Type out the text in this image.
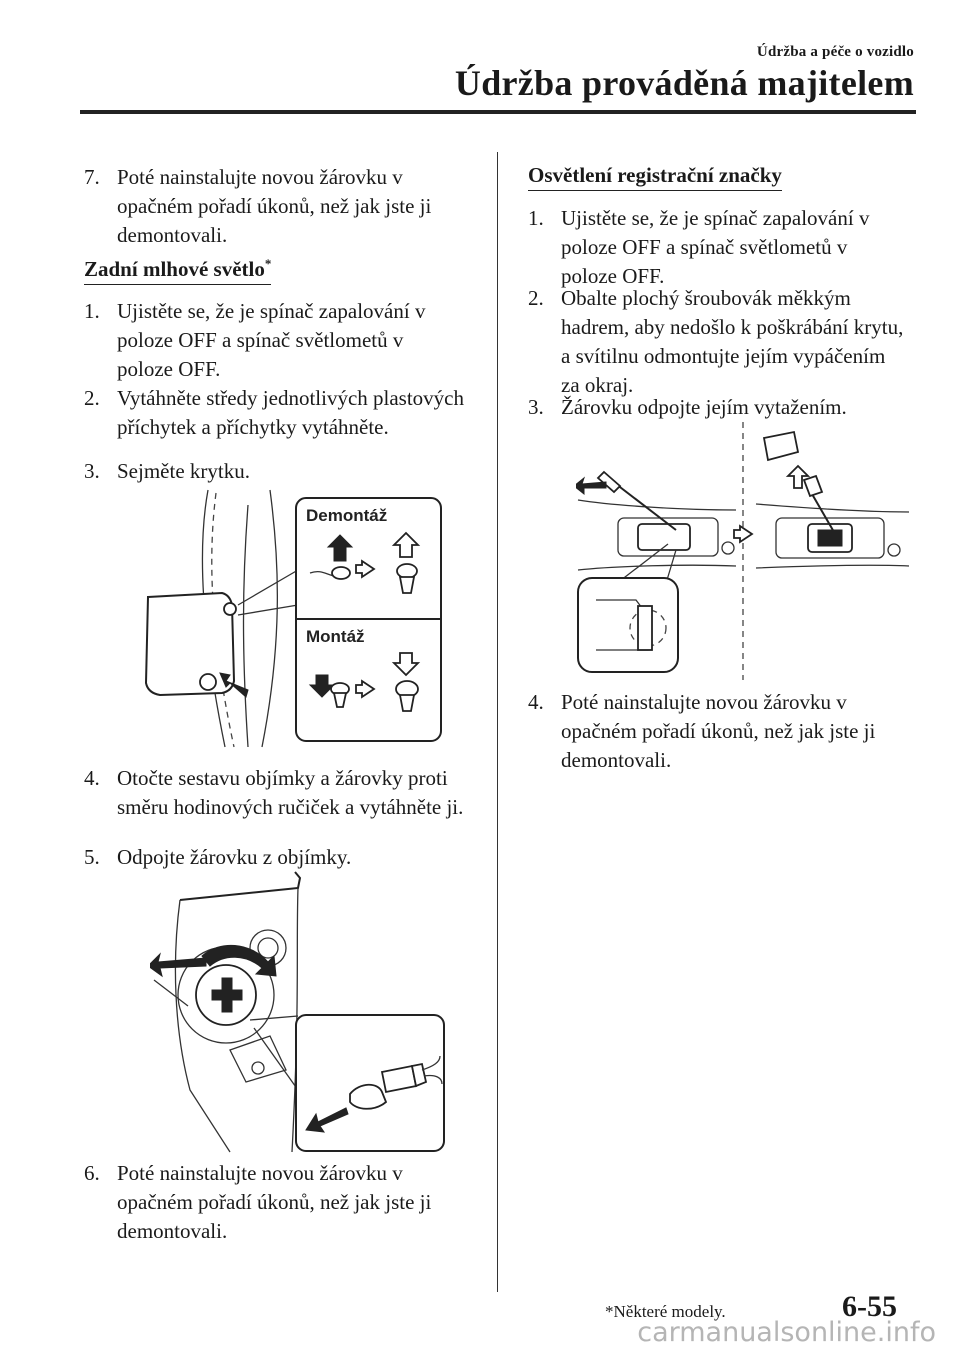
Údržba a péče o vozidlo
Údržba prováděná majitelem
7. Poté nainstalujte novou žárovku v opačném pořadí úkonů, než jak jste ji demontovali.
Zadní mlhové světlo*
1. Ujistěte se, že je spínač zapalování v poloze OFF a spínač světlometů v poloze OFF.
2. Vytáhněte středy jednotlivých plastových příchytek a příchytky vytáhněte.
3. Sejměte krytku.
Demontáž
Montáž
4. Otočte sestavu objímky a žárovky proti směru hodinových ručiček a vytáhněte ji.
5. Odpojte žárovku z objímky.
6. Poté nainstalujte novou žárovku v opačném pořadí úkonů, než jak jste ji demontovali.
Osvětlení registrační značky
1. Ujistěte se, že je spínač zapalování v poloze OFF a spínač světlometů v poloze OFF.
2. Obalte plochý šroubovák měkkým hadrem, aby nedošlo k poškrábání krytu, a svítilnu odmontujte jejím vypáčením za okraj.
3. Žárovku odpojte jejím vytažením.
4. Poté nainstalujte novou žárovku v opačném pořadí úkonů, než jak jste ji demontovali.
*Některé modely.	6-55
carmanualsonline.info
